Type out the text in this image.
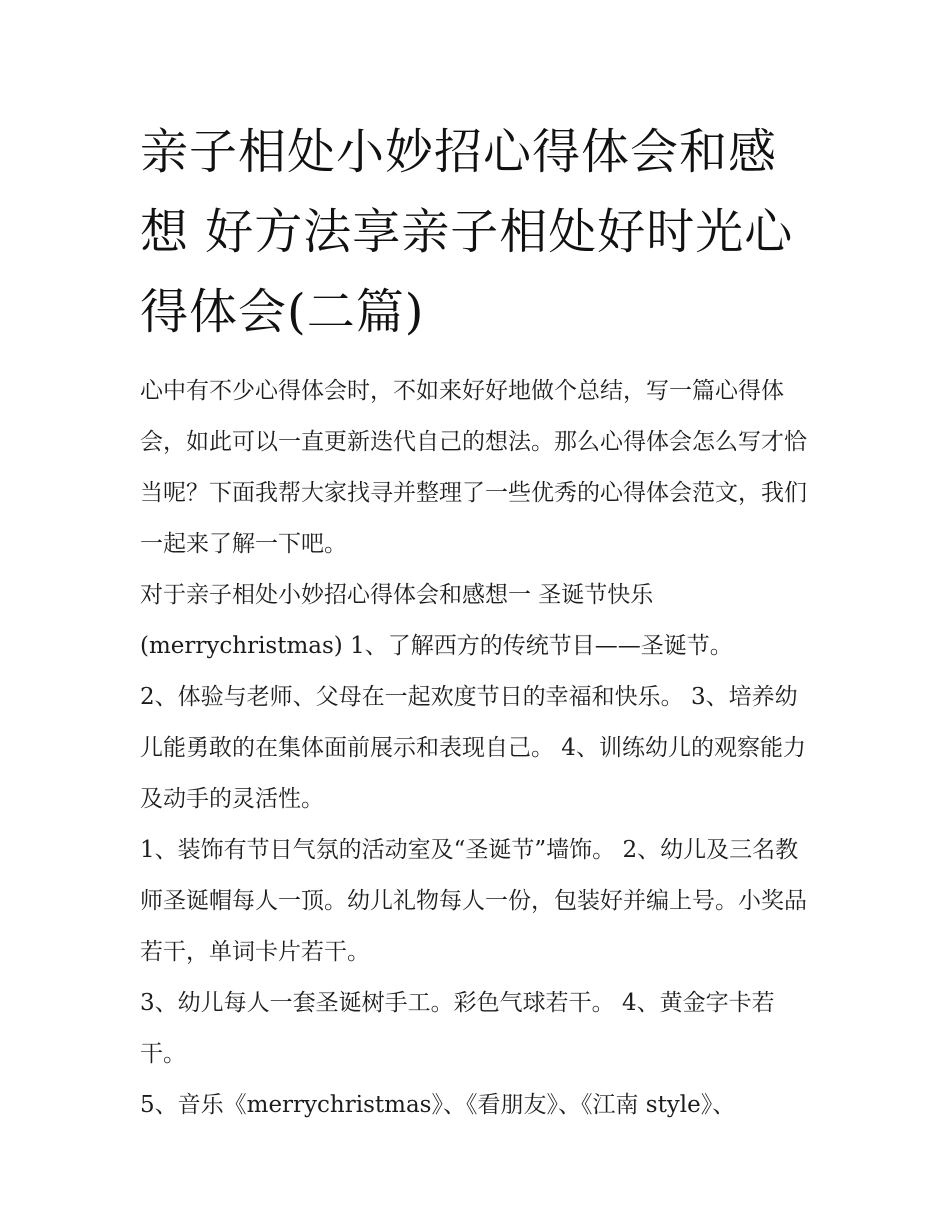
亲子相处小妙招心得体会和感想 好方法享亲子相处好时光心得体会(二篇)

心中有不少心得体会时，不如来好好地做个总结，写一篇心得体会，如此可以一直更新迭代自己的想法。那么心得体会怎么写才恰当呢？下面我帮大家找寻并整理了一些优秀的心得体会范文，我们一起来了解一下吧。

对于亲子相处小妙招心得体会和感想一 圣诞节快乐(merrychristmas) 1、了解西方的传统节目——圣诞节。

2、体验与老师、父母在一起欢度节日的幸福和快乐。 3、培养幼儿能勇敢的在集体面前展示和表现自己。 4、训练幼儿的观察能力及动手的灵活性。

1、装饰有节日气氛的活动室及“圣诞节”墙饰。 2、幼儿及三名教师圣诞帽每人一顶。幼儿礼物每人一份，包装好并编上号。小奖品若干，单词卡片若干。

3、幼儿每人一套圣诞树手工。彩色气球若干。 4、黄金字卡若干。

5、音乐《merrychristmas》、《看朋友》、《江南 style》、
